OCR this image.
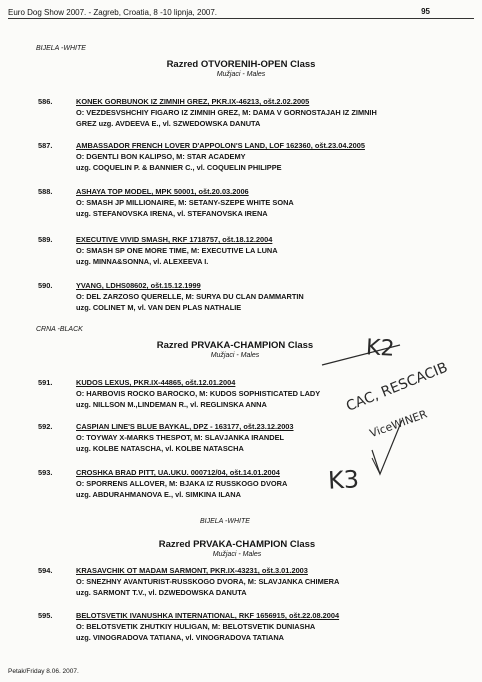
Euro Dog Show 2007. - Zagreb, Croatia, 8 -10 lipnja, 2007.	95
BIJELA -WHITE
Razred OTVORENIH-OPEN Class
Mužjaci - Males
586.	KONEK GORBUNOK IZ ZIMNIH GREZ, PKR.IX-46213, ošt.2.02.2005
O: VEZDESVSHCHIY FIGARO IZ ZIMNIH GREZ, M: DAMA V GORNOSTAJAH IZ ZIMNIH
GREZ uzg. AVDEEVA E., vl. SZWEDOWSKA DANUTA
587.	AMBASSADOR FRENCH LOVER D'APPOLON'S LAND, LOF 162360, ošt.23.04.2005
O: DGENTLI BON KALIPSO, M: STAR ACADEMY
uzg. COQUELIN P. & BANNIER C., vl. COQUELIN PHILIPPE
588.	ASHAYA TOP MODEL, MPK 50001, ošt.20.03.2006
O: SMASH JP MILLIONAIRE, M: SETANY-SZEPE WHITE SONA
uzg. STEFANOVSKA IRENA, vl. STEFANOVSKA IRENA
589.	EXECUTIVE VIVID SMASH, RKF 1718757, ošt.18.12.2004
O: SMASH SP ONE MORE TIME, M: EXECUTIVE LA LUNA
uzg. MINNA&SONNA, vl. ALEXEEVA I.
590.	YVANG, LDHS08602, ošt.15.12.1999
O: DEL ZARZOSO QUERELLE, M: SURYA DU CLAN DAMMARTIN
uzg. COLINET M, vl. VAN DEN PLAS NATHALIE
CRNA -BLACK
Razred PRVAKA-CHAMPION Class
Mužjaci - Males
591.	KUDOS LEXUS, PKR.IX-44865, ošt.12.01.2004
O: HARBOVIS ROCKO BAROCKO, M: KUDOS SOPHISTICATED LADY
uzg. NILLSON M.,LINDEMAN R., vl. REGLINSKA ANNA
592.	CASPIAN LINE'S BLUE BAYKAL, DPZ - 163177, ošt.23.12.2003
O: TOYWAY X-MARKS THESPOT, M: SLAVJANKA IRANDEL
uzg. KOLBE NATASCHA, vl. KOLBE NATASCHA
593.	CROSHKA BRAD PITT, UA.UKU. 000712/04, ošt.14.01.2004
O: SPORRENS ALLOVER, M: BJAKA IZ RUSSKOGO DVORA
uzg. ABDURAHMANOVA E., vl. SIMKINA ILANA
BIJELA -WHITE
Razred PRVAKA-CHAMPION Class
Mužjaci - Males
594.	KRASAVCHIK OT MADAM SARMONT, PKR.IX-43231, ošt.3.01.2003
O: SNEZHNY AVANTURIST-RUSSKOGO DVORA, M: SLAVJANKA CHIMERA
uzg. SARMONT T.V., vl. DZWEDOWSKA DANUTA
595.	BELOTSVETIK IVANUSHKA INTERNATIONAL, RKF 1656915, ošt.22.08.2004
O: BELOTSVETIK ZHUTKIY HULIGAN, M: BELOTSVETIK DUNIASHA
uzg. VINOGRADOVA TATIANA, vl. VINOGRADOVA TATIANA
K2
CAC, RESCACIB
ViceWINER
K3
Petak/Friday 8.06. 2007.
